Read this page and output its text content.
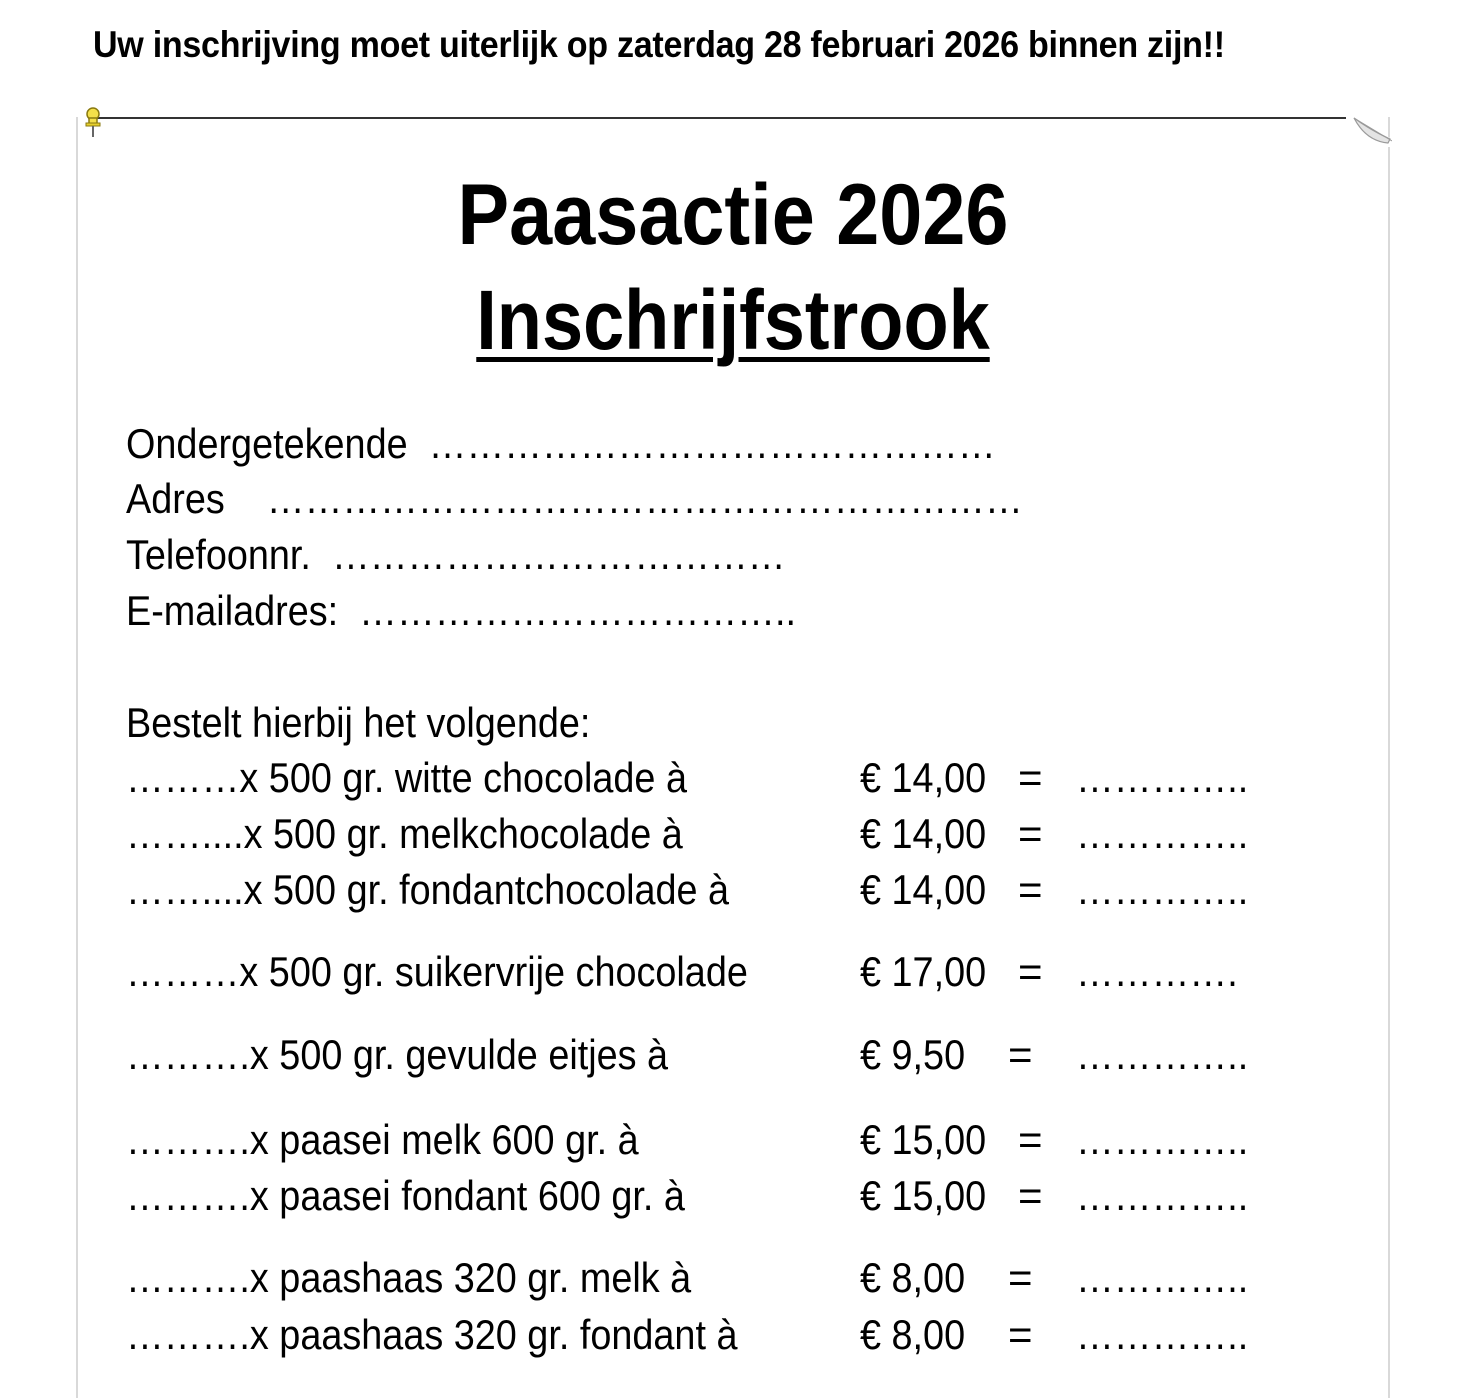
Uw inschrijving moet uiterlijk op zaterdag 28 februari 2026 binnen zijn!!
Paasactie 2026
Inschrijfstrook
Ondergetekende ………………………………………
Adres ……………………………………………………
Telefoonnr. ………………………………
E-mailadres: ……………………………..
Bestelt hierbij het volgende:
………x 500 gr. witte chocolade à	€ 14,00 = …………..
……....x 500 gr. melkchocolade à	€ 14,00 = …………..
……....x 500 gr. fondantchocolade à	€ 14,00 = …………..
………x 500 gr. suikervrije chocolade	€ 17,00 = ………….
……….x 500 gr. gevulde eitjes à	€ 9,50 = …………..
……….x paasei melk 600 gr. à	€ 15,00 = …………..
……….x paasei fondant 600 gr. à	€ 15,00 = …………..
……….x paashaas 320 gr. melk à	€ 8,00 = …………..
……….x paashaas 320 gr. fondant à	€ 8,00 = …………..
